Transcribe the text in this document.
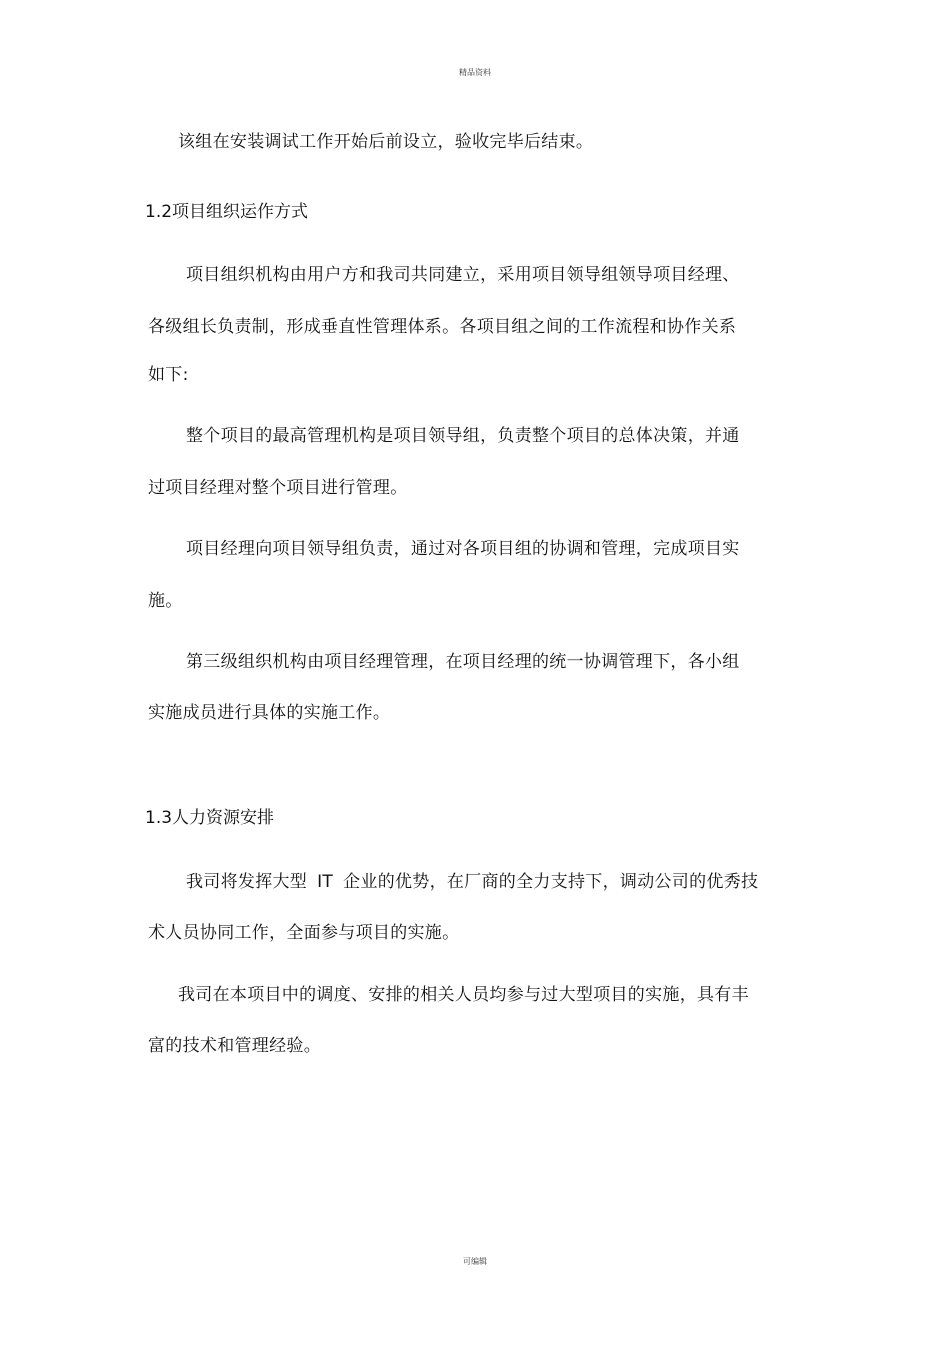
精品资料
该组在安装调试工作开始后前设立，验收完毕后结束。
1.2项目组织运作方式
项目组织机构由用户方和我司共同建立，采用项目领导组领导项目经理、
各级组长负责制，形成垂直性管理体系。各项目组之间的工作流程和协作关系
如下:
整个项目的最高管理机构是项目领导组，负责整个项目的总体决策，并通
过项目经理对整个项目进行管理。
项目经理向项目领导组负责，通过对各项目组的协调和管理，完成项目实
施。
第三级组织机构由项目经理管理，在项目经理的统一协调管理下，各小组
实施成员进行具体的实施工作。
1.3人力资源安排
我司将发挥大型 IT 企业的优势，在厂商的全力支持下，调动公司的优秀技
术人员协同工作，全面参与项目的实施。
我司在本项目中的调度、安排的相关人员均参与过大型项目的实施，具有丰
富的技术和管理经验。
可编辑
